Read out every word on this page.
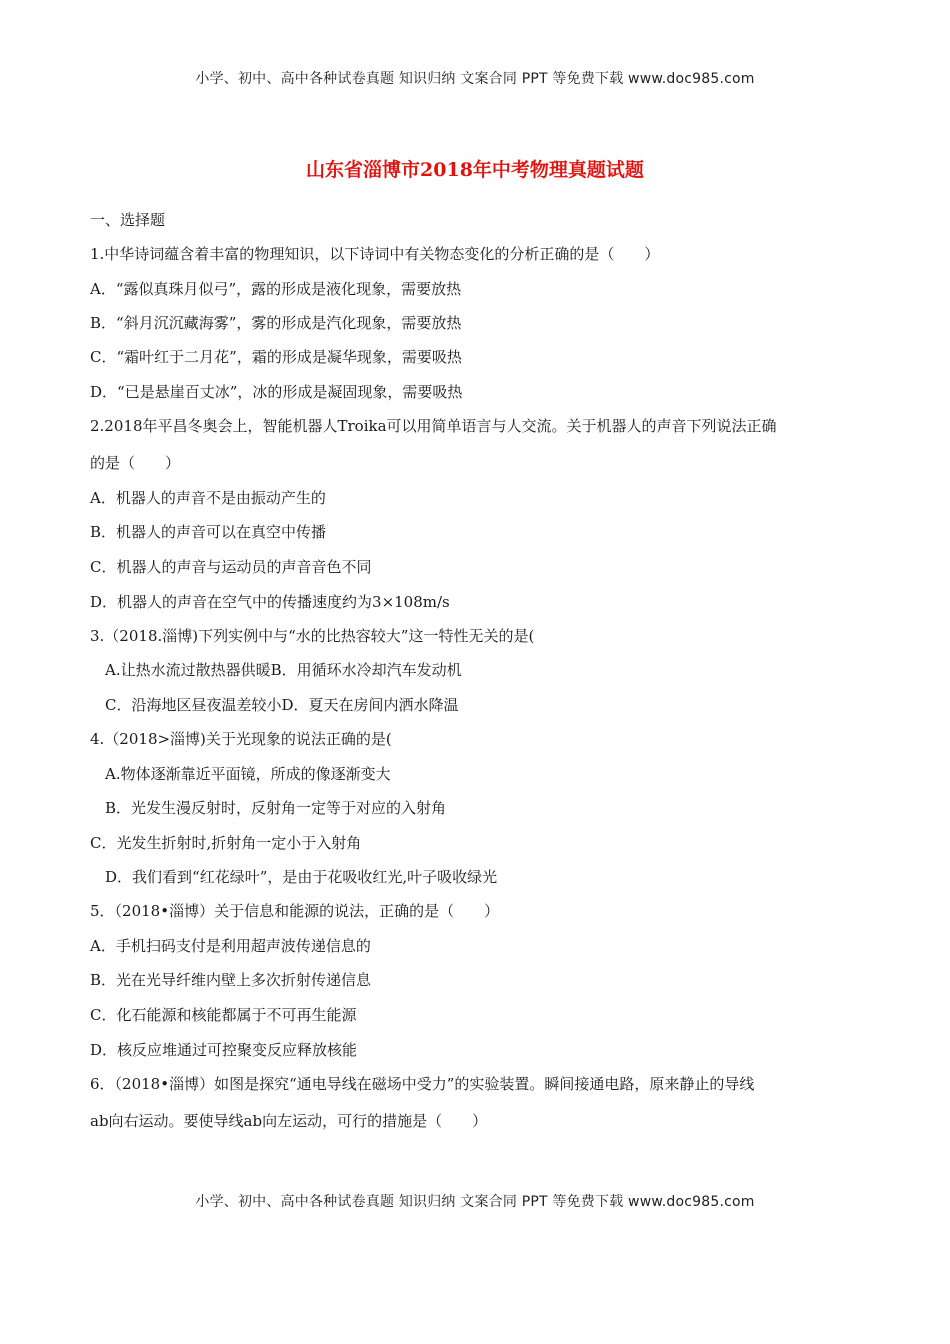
小学、初中、高中各种试卷真题 知识归纳 文案合同 PPT 等免费下载 www.doc985.com
山东省淄博市2018年中考物理真题试题
一、选择题
1.中华诗词蕴含着丰富的物理知识，以下诗词中有关物态变化的分析正确的是（　　）
A．“露似真珠月似弓”，露的形成是液化现象，需要放热
B．“斜月沉沉藏海雾”，雾的形成是汽化现象，需要放热
C．“霜叶红于二月花”，霜的形成是凝华现象，需要吸热
D．“已是悬崖百丈冰”，冰的形成是凝固现象，需要吸热
2.2018年平昌冬奥会上，智能机器人Troika可以用简单语言与人交流。关于机器人的声音下列说法正确
的是（　　）
A．机器人的声音不是由振动产生的
B．机器人的声音可以在真空中传播
C．机器人的声音与运动员的声音音色不同
D．机器人的声音在空气中的传播速度约为3×108m/s
3.（2018.淄博)下列实例中与“水的比热容较大”这一特性无关的是(
A.让热水流过散热器供暖B．用循环水冷却汽车发动机
C．沿海地区昼夜温差较小D．夏天在房间内洒水降温
4.（2018>淄博)关于光现象的说法正确的是(
A.物体逐渐靠近平面镜，所成的像逐渐变大
B．光发生漫反射时，反射角一定等于对应的入射角
C．光发生折射时,折射角一定小于入射角
D．我们看到“红花绿叶”，是由于花吸收红光,叶子吸收绿光
5．（2018•淄博）关于信息和能源的说法，正确的是（　　）
A．手机扫码支付是利用超声波传递信息的
B．光在光导纤维内壁上多次折射传递信息
C．化石能源和核能都属于不可再生能源
D．核反应堆通过可控聚变反应释放核能
6．（2018•淄博）如图是探究“通电导线在磁场中受力”的实验装置。瞬间接通电路，原来静止的导线
ab向右运动。要使导线ab向左运动，可行的措施是（　　）
小学、初中、高中各种试卷真题 知识归纳 文案合同 PPT 等免费下载 www.doc985.com
